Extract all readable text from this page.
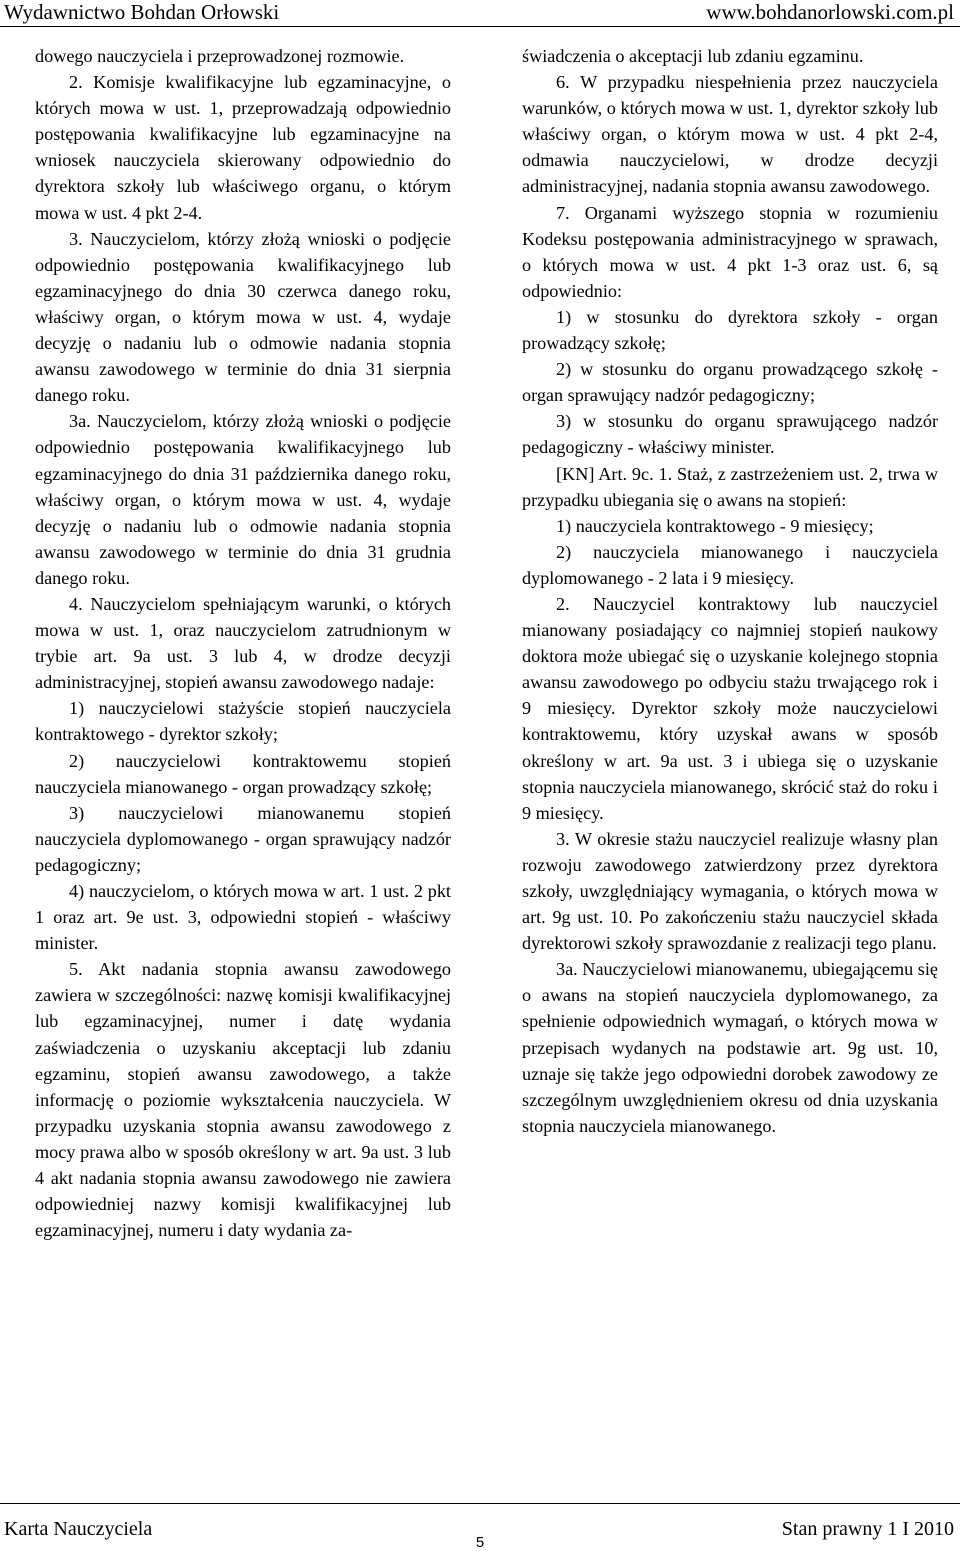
Wydawnictwo Bohdan Orłowski	www.bohdanorlowski.com.pl

dowego nauczyciela i przeprowadzonej rozmowie.

2. Komisje kwalifikacyjne lub egzaminacyjne, o których mowa w ust. 1, przeprowadzają odpowiednio postępowania kwalifikacyjne lub egzaminacyjne na wniosek nauczyciela skierowany odpowiednio do dyrektora szkoły lub właściwego organu, o którym mowa w ust. 4 pkt 2-4.

3. Nauczycielom, którzy złożą wnioski o podjęcie odpowiednio postępowania kwalifikacyjnego lub egzaminacyjnego do dnia 30 czerwca danego roku, właściwy organ, o którym mowa w ust. 4, wydaje decyzję o nadaniu lub o odmowie nadania stopnia awansu zawodowego w terminie do dnia 31 sierpnia danego roku.

3a. Nauczycielom, którzy złożą wnioski o podjęcie odpowiednio postępowania kwalifikacyjnego lub egzaminacyjnego do dnia 31 października danego roku, właściwy organ, o którym mowa w ust. 4, wydaje decyzję o nadaniu lub o odmowie nadania stopnia awansu zawodowego w terminie do dnia 31 grudnia danego roku.

4. Nauczycielom spełniającym warunki, o których mowa w ust. 1, oraz nauczycielom zatrudnionym w trybie art. 9a ust. 3 lub 4, w drodze decyzji administracyjnej, stopień awansu zawodowego nadaje:

1) nauczycielowi stażyście stopień nauczyciela kontraktowego - dyrektor szkoły;

2) nauczycielowi kontraktowemu stopień nauczyciela mianowanego - organ prowadzący szkołę;

3) nauczycielowi mianowanemu stopień nauczyciela dyplomowanego - organ sprawujący nadzór pedagogiczny;

4) nauczycielom, o których mowa w art. 1 ust. 2 pkt 1 oraz art. 9e ust. 3, odpowiedni stopień - właściwy minister.

5. Akt nadania stopnia awansu zawodowego zawiera w szczególności: nazwę komisji kwalifikacyjnej lub egzaminacyjnej, numer i datę wydania zaświadczenia o uzyskaniu akceptacji lub zdaniu egzaminu, stopień awansu zawodowego, a także informację o poziomie wykształcenia nauczyciela. W przypadku uzyskania stopnia awansu zawodowego z mocy prawa albo w sposób określony w art. 9a ust. 3 lub 4 akt nadania stopnia awansu zawodowego nie zawiera odpowiedniej nazwy komisji kwalifikacyjnej lub egzaminacyjnej, numeru i daty wydania za-

świadczenia o akceptacji lub zdaniu egzaminu.

6. W przypadku niespełnienia przez nauczyciela warunków, o których mowa w ust. 1, dyrektor szkoły lub właściwy organ, o którym mowa w ust. 4 pkt 2-4, odmawia nauczycielowi, w drodze decyzji administracyjnej, nadania stopnia awansu zawodowego.

7. Organami wyższego stopnia w rozumieniu Kodeksu postępowania administracyjnego w sprawach, o których mowa w ust. 4 pkt 1-3 oraz ust. 6, są odpowiednio:

1) w stosunku do dyrektora szkoły - organ prowadzący szkołę;

2) w stosunku do organu prowadzącego szkołę - organ sprawujący nadzór pedagogiczny;

3) w stosunku do organu sprawującego nadzór pedagogiczny - właściwy minister.

[KN] Art. 9c. 1. Staż, z zastrzeżeniem ust. 2, trwa w przypadku ubiegania się o awans na stopień:

1) nauczyciela kontraktowego - 9 miesięcy;

2) nauczyciela mianowanego i nauczyciela dyplomowanego - 2 lata i 9 miesięcy.

2. Nauczyciel kontraktowy lub nauczyciel mianowany posiadający co najmniej stopień naukowy doktora może ubiegać się o uzyskanie kolejnego stopnia awansu zawodowego po odbyciu stażu trwającego rok i 9 miesięcy. Dyrektor szkoły może nauczycielowi kontraktowemu, który uzyskał awans w sposób określony w art. 9a ust. 3 i ubiega się o uzyskanie stopnia nauczyciela mianowanego, skrócić staż do roku i 9 miesięcy.

3. W okresie stażu nauczyciel realizuje własny plan rozwoju zawodowego zatwierdzony przez dyrektora szkoły, uwzględniający wymagania, o których mowa w art. 9g ust. 10. Po zakończeniu stażu nauczyciel składa dyrektorowi szkoły sprawozdanie z realizacji tego planu.

3a. Nauczycielowi mianowanemu, ubiegającemu się o awans na stopień nauczyciela dyplomowanego, za spełnienie odpowiednich wymagań, o których mowa w przepisach wydanych na podstawie art. 9g ust. 10, uznaje się także jego odpowiedni dorobek zawodowy ze szczególnym uwzględnieniem okresu od dnia uzyskania stopnia nauczyciela mianowanego.

Karta Nauczyciela
5
Stan prawny 1 I 2010
